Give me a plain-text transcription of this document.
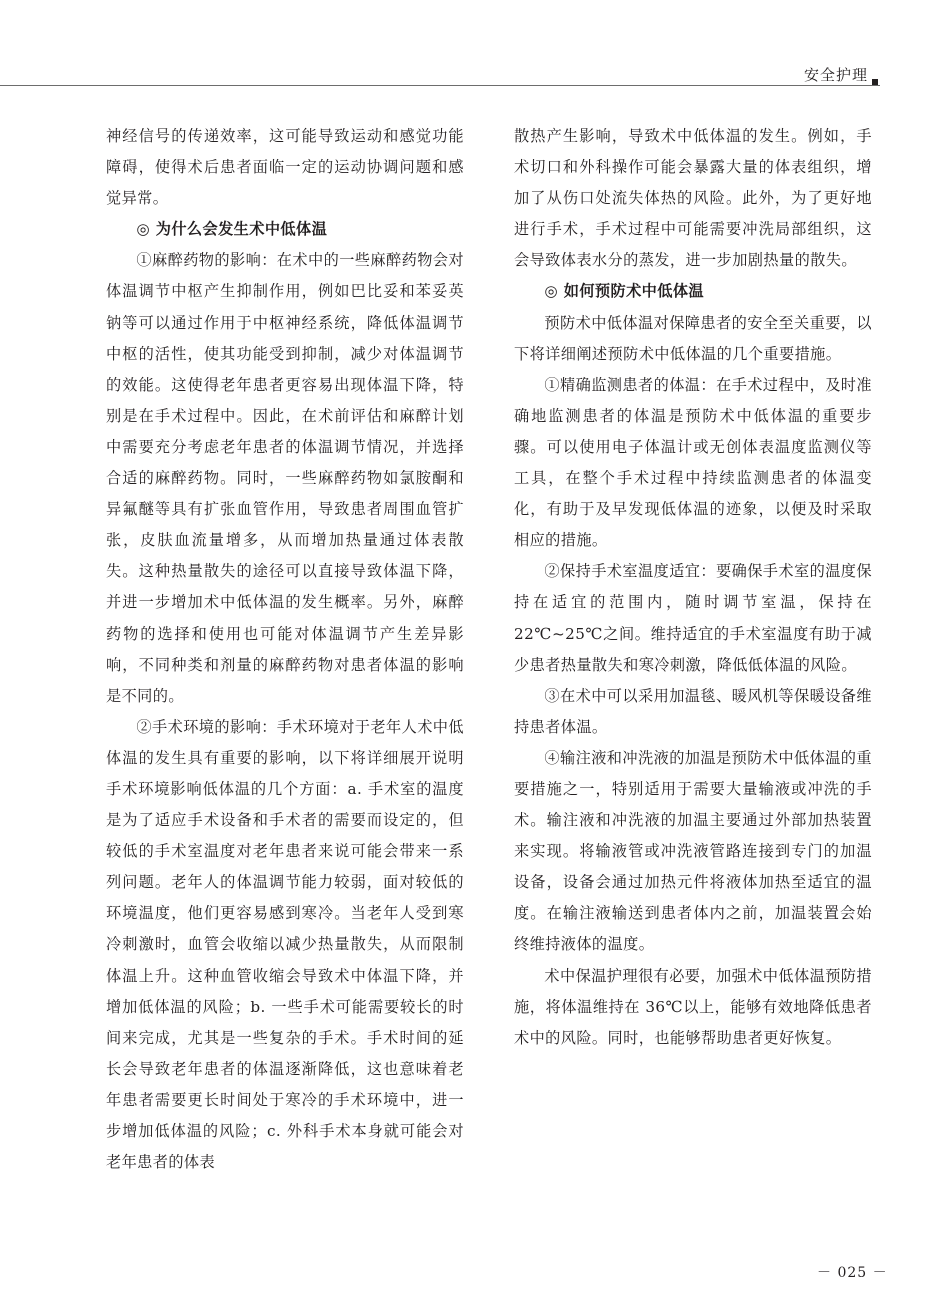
安全护理

神经信号的传递效率，这可能导致运动和感觉功能障碍，使得术后患者面临一定的运动协调问题和感觉异常。

◎ 为什么会发生术中低体温

①麻醉药物的影响：在术中的一些麻醉药物会对体温调节中枢产生抑制作用，例如巴比妥和苯妥英钠等可以通过作用于中枢神经系统，降低体温调节中枢的活性，使其功能受到抑制，减少对体温调节的效能。这使得老年患者更容易出现体温下降，特别是在手术过程中。因此，在术前评估和麻醉计划中需要充分考虑老年患者的体温调节情况，并选择合适的麻醉药物。同时，一些麻醉药物如氯胺酮和异氟醚等具有扩张血管作用，导致患者周围血管扩张，皮肤血流量增多，从而增加热量通过体表散失。这种热量散失的途径可以直接导致体温下降，并进一步增加术中低体温的发生概率。另外，麻醉药物的选择和使用也可能对体温调节产生差异影响，不同种类和剂量的麻醉药物对患者体温的影响是不同的。

②手术环境的影响：手术环境对于老年人术中低体温的发生具有重要的影响，以下将详细展开说明手术环境影响低体温的几个方面：a. 手术室的温度是为了适应手术设备和手术者的需要而设定的，但较低的手术室温度对老年患者来说可能会带来一系列问题。老年人的体温调节能力较弱，面对较低的环境温度，他们更容易感到寒冷。当老年人受到寒冷刺激时，血管会收缩以减少热量散失，从而限制体温上升。这种血管收缩会导致术中体温下降，并增加低体温的风险；b. 一些手术可能需要较长的时间来完成，尤其是一些复杂的手术。手术时间的延长会导致老年患者的体温逐渐降低，这也意味着老年患者需要更长时间处于寒冷的手术环境中，进一步增加低体温的风险；c. 外科手术本身就可能会对老年患者的体表

散热产生影响，导致术中低体温的发生。例如，手术切口和外科操作可能会暴露大量的体表组织，增加了从伤口处流失体热的风险。此外，为了更好地进行手术，手术过程中可能需要冲洗局部组织，这会导致体表水分的蒸发，进一步加剧热量的散失。

◎ 如何预防术中低体温

预防术中低体温对保障患者的安全至关重要，以下将详细阐述预防术中低体温的几个重要措施。

①精确监测患者的体温：在手术过程中，及时准确地监测患者的体温是预防术中低体温的重要步骤。可以使用电子体温计或无创体表温度监测仪等工具，在整个手术过程中持续监测患者的体温变化，有助于及早发现低体温的迹象，以便及时采取相应的措施。

②保持手术室温度适宜：要确保手术室的温度保持在适宜的范围内，随时调节室温，保持在 22℃~25℃之间。维持适宜的手术室温度有助于减少患者热量散失和寒冷刺激，降低低体温的风险。

③在术中可以采用加温毯、暖风机等保暖设备维持患者体温。

④输注液和冲洗液的加温是预防术中低体温的重要措施之一，特别适用于需要大量输液或冲洗的手术。输注液和冲洗液的加温主要通过外部加热装置来实现。将输液管或冲洗液管路连接到专门的加温设备，设备会通过加热元件将液体加热至适宜的温度。在输注液输送到患者体内之前，加温装置会始终维持液体的温度。

术中保温护理很有必要，加强术中低体温预防措施，将体温维持在 36℃以上，能够有效地降低患者术中的风险。同时，也能够帮助患者更好恢复。

－ 025 －
